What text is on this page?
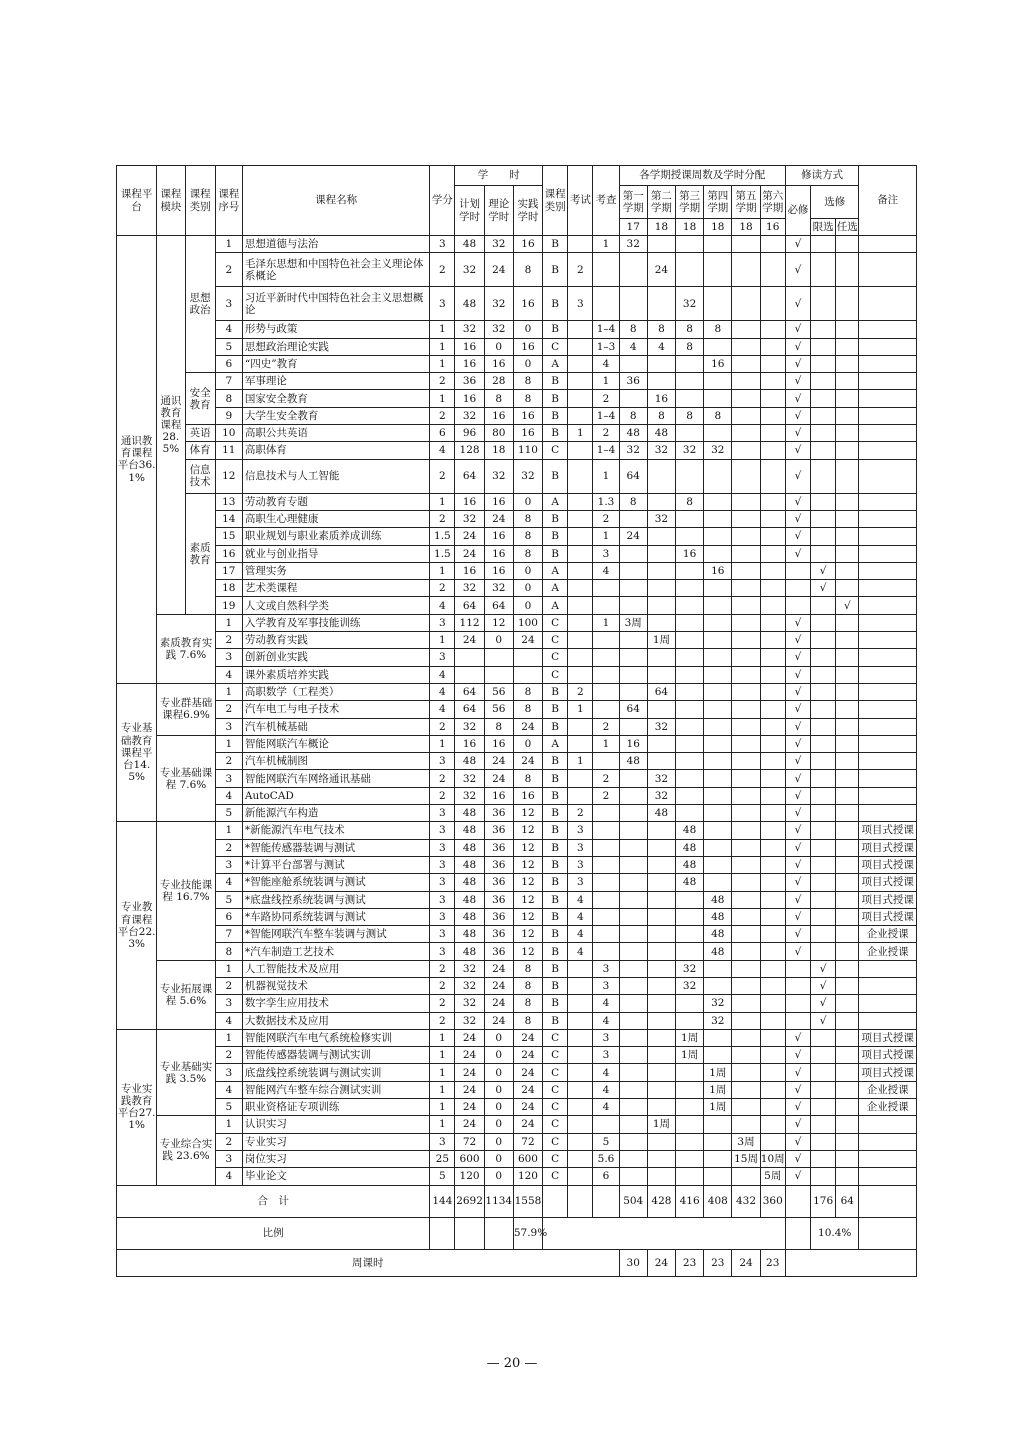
课程平台	课程模块	课程类别	课程序号	课程名称	学分	学　　时			课程类别	考试	考查	各学期授课周数及学时分配						修读方式			备注
						计划学时	理论学时	实践学时				第一学期	第二学期	第三学期	第四学期	第五学期	第六学期	必修	选修		
												17	18	18	18	18	16		限选	任选	
通识教育课程平台36.1%	通识教育课程28.5%	思想政治	1	思想道德与法治	3	48	32	16	B		1	32						√			
			2	毛泽东思想和中国特色社会主义理论体系概论	2	32	24	8	B	2			24					√			
			3	习近平新时代中国特色社会主义思想概论	3	48	32	16	B	3				32				√			
			4	形势与政策	1	32	32	0	B		1–4	8	8	8	8			√			
			5	思想政治理论实践	1	16	0	16	C		1–3	4	4	8				√			
			6	“四史”教育	1	16	16	0	A		4				16			√			
		安全教育	7	军事理论	2	36	28	8	B		1	36						√			
			8	国家安全教育	1	16	8	8	B		2		16					√			
			9	大学生安全教育	2	32	16	16	B		1–4	8	8	8	8			√			
		英语	10	高职公共英语	6	96	80	16	B	1	2	48	48					√			
		体育	11	高职体育	4	128	18	110	C		1–4	32	32	32	32			√			
		信息技术	12	信息技术与人工智能	2	64	32	32	B		1	64						√			
		素质教育	13	劳动教育专题	1	16	16	0	A		1.3	8		8				√			
			14	高职生心理健康	2	32	24	8	B		2		32					√			
			15	职业规划与职业素质养成训练	1.5	24	16	8	B		1	24						√			
			16	就业与创业指导	1.5	24	16	8	B		3			16				√			
			17	管理实务	1	16	16	0	A		4				16				√		
			18	艺术类课程	2	32	32	0	A										√		
			19	人文或自然科学类	4	64	64	0	A											√	
	素质教育实践 7.6%		1	入学教育及军事技能训练	3	112	12	100	C		1	3周						√			
			2	劳动教育实践	1	24	0	24	C				1周					√			
			3	创新创业实践	3				C									√			
			4	课外素质培养实践	4				C									√			
专业基础教育课程平台14.5%	专业群基础课程6.9%		1	高职数学（工程类）	4	64	56	8	B	2			64					√			
			2	汽车电工与电子技术	4	64	56	8	B	1		64						√			
			3	汽车机械基础	2	32	8	24	B		2		32					√			
	专业基础课程 7.6%		1	智能网联汽车概论	1	16	16	0	A		1	16						√			
			2	汽车机械制图	3	48	24	24	B	1		48						√			
			3	智能网联汽车网络通讯基础	2	32	24	8	B		2		32					√			
			4	AutoCAD	2	32	16	16	B		2		32					√			
			5	新能源汽车构造	3	48	36	12	B	2			48					√			
专业教育课程平台22.3%	专业技能课程 16.7%		1	*新能源汽车电气技术	3	48	36	12	B	3				48				√			项目式授课
			2	*智能传感器装调与测试	3	48	36	12	B	3				48				√			项目式授课
			3	*计算平台部署与测试	3	48	36	12	B	3				48				√			项目式授课
			4	*智能座舱系统装调与测试	3	48	36	12	B	3				48				√			项目式授课
			5	*底盘线控系统装调与测试	3	48	36	12	B	4					48			√			项目式授课
			6	*车路协同系统装调与测试	3	48	36	12	B	4					48			√			项目式授课
			7	*智能网联汽车整车装调与测试	3	48	36	12	B	4					48			√			企业授课
			8	*汽车制造工艺技术	3	48	36	12	B	4					48			√			企业授课
	专业拓展课程 5.6%		1	人工智能技术及应用	2	32	24	8	B		3			32					√		
			2	机器视觉技术	2	32	24	8	B		3			32					√		
			3	数字孪生应用技术	2	32	24	8	B		4				32				√		
			4	大数据技术及应用	2	32	24	8	B		4				32				√		
专业实践教育平台27.1%	专业基础实践 3.5%		1	智能网联汽车电气系统检修实训	1	24	0	24	C		3			1周				√			项目式授课
			2	智能传感器装调与测试实训	1	24	0	24	C		3			1周				√			项目式授课
			3	底盘线控系统装调与测试实训	1	24	0	24	C		4				1周			√			项目式授课
			4	智能网汽车整车综合测试实训	1	24	0	24	C		4				1周			√			企业授课
			5	职业资格证专项训练	1	24	0	24	C		4				1周			√			企业授课
	专业综合实践 23.6%		1	认识实习	1	24	0	24	C				1周					√			
			2	专业实习	3	72	0	72	C		5					3周		√			
			3	岗位实习	25	600	0	600	C		5.6					15周	10周	√			
			4	毕业论文	5	120	0	120	C		6						5周	√			
合　计					144	2692	1134	1558				504	428	416	408	432	360		176	64	
比例								57.9%											10.4%		
周课时												30	24	23	23	24	23				
— 20 —
